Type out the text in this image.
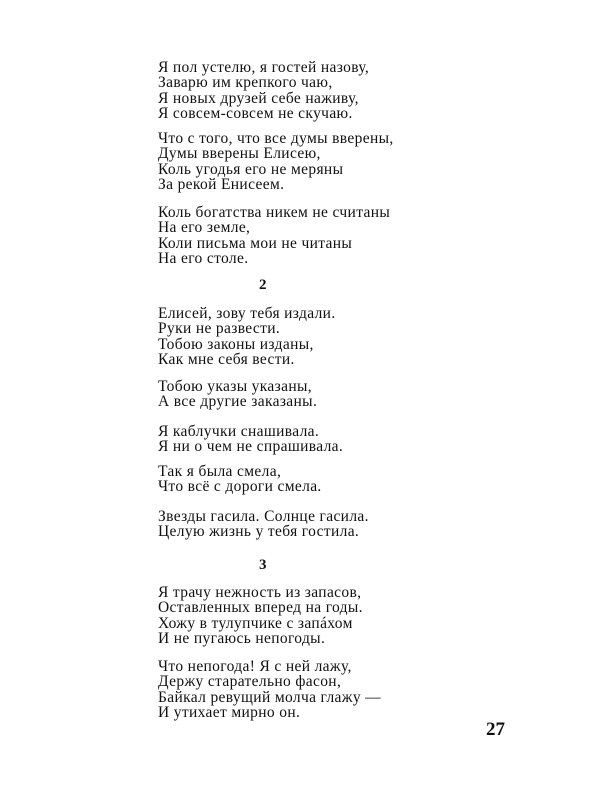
Я пол устелю, я гостей назову,
Заварю им крепкого чаю,
Я новых друзей себе наживу,
Я совсем-совсем не скучаю.
Что с того, что все думы вверены,
Думы вверены Елисею,
Коль угодья его не меряны
За рекой Енисеем.
Коль богатства никем не считаны
На его земле,
Коли письма мои не читаны
На его столе.
2
Елисей, зову тебя издали.
Руки не развести.
Тобою законы изданы,
Как мне себя вести.
Тобою указы указаны,
А все другие заказаны.
Я каблучки снашивала.
Я ни о чем не спрашивала.
Так я была смела,
Что всё с дороги смела.
Звезды гасила. Солнце гасила.
Целую жизнь у тебя гостила.
3
Я трачу нежность из запасов,
Оставленных вперед на годы.
Хожу в тулупчике с запáхом
И не пугаюсь непогоды.
Что непогода! Я с ней лажу,
Держу старательно фасон,
Байкал ревущий молча глажу —
И утихает мирно он.
27
